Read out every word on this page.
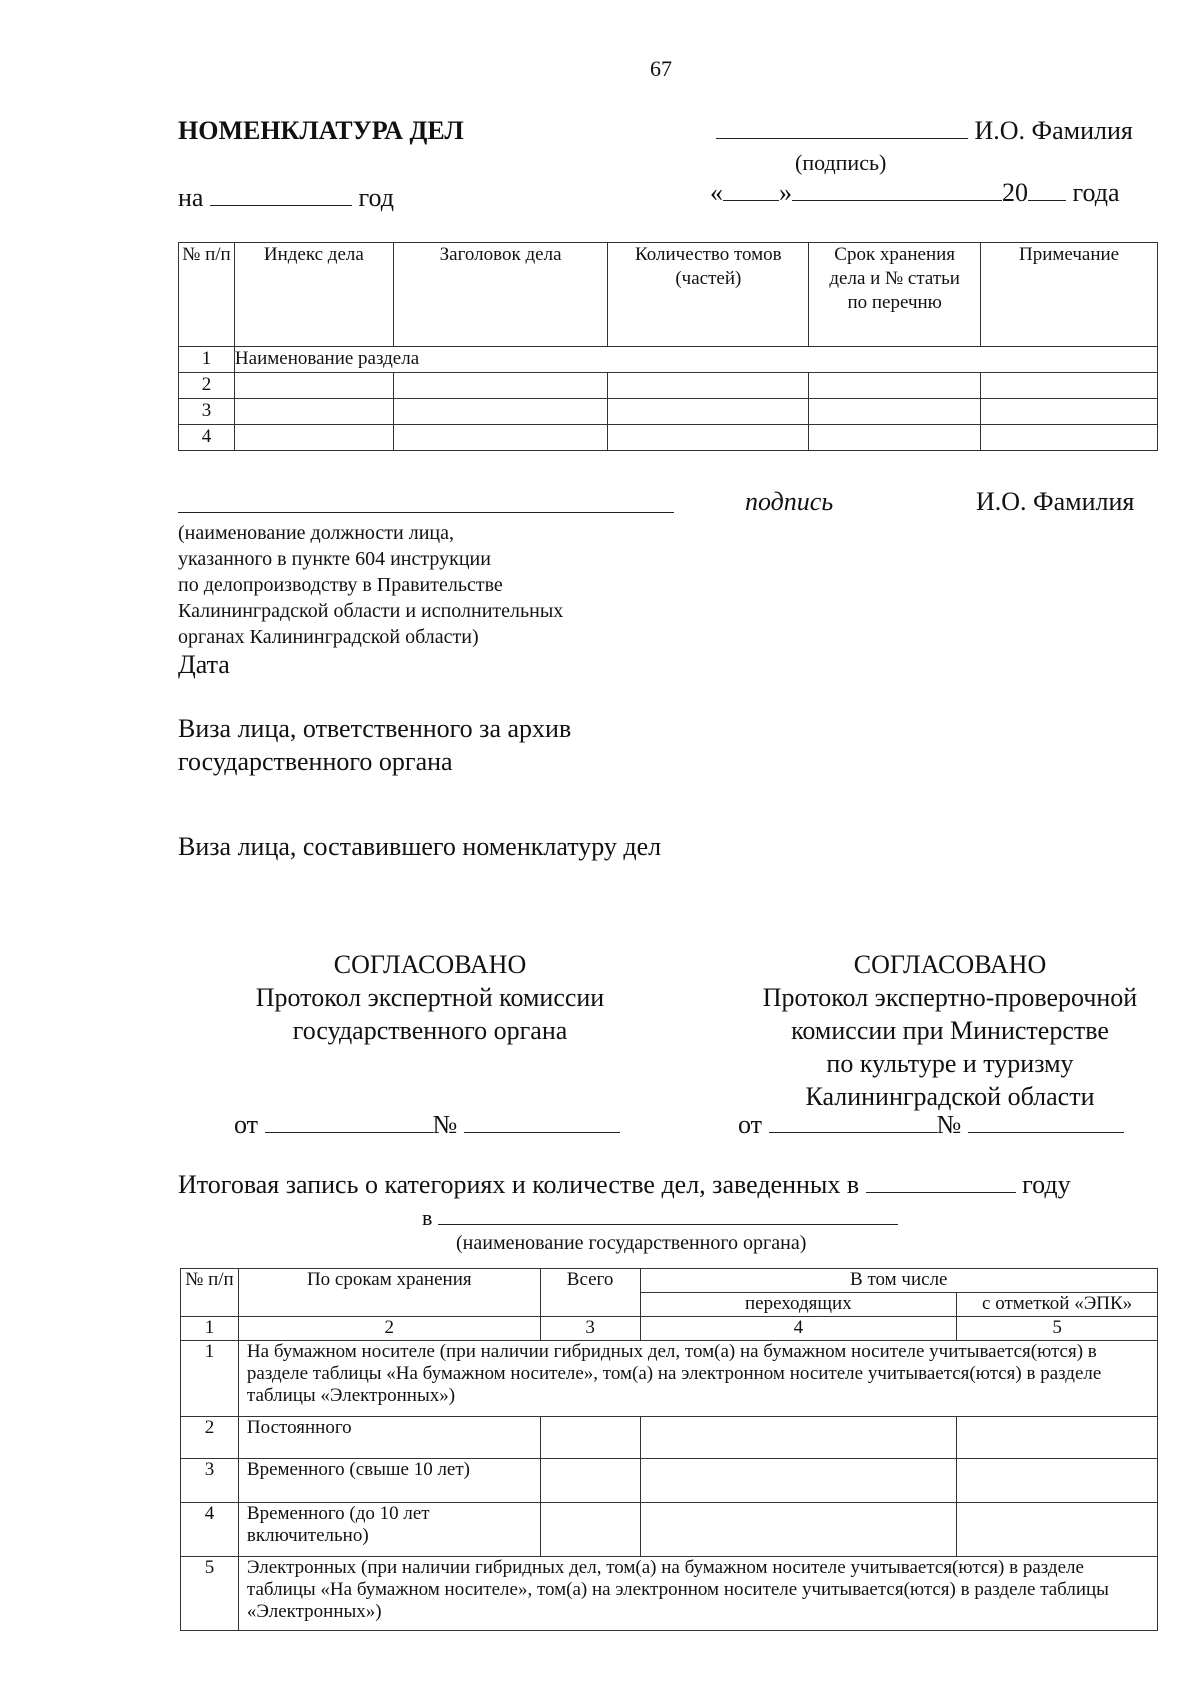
67
НОМЕНКЛАТУРА ДЕЛ
на	год
И.О. Фамилия
(подпись)
« »	20 года
№ п/п	Индекс дела	Заголовок дела	Количество томов (частей)	Срок хранения дела и № статьи по перечню	Примечание
1	Наименование раздела				
2					
3					
4					
подпись	И.О. Фамилия
(наименование должности лица,
указанного в пункте 604 инструкции
по делопроизводству в Правительстве
Калининградской области и исполнительных
органах Калининградской области)
Дата
Виза лица, ответственного за архив
государственного органа
Виза лица, составившего номенклатуру дел
СОГЛАСОВАНО
Протокол экспертной комиссии
государственного органа
от	№
СОГЛАСОВАНО
Протокол экспертно-проверочной
комиссии при Министерстве
по культуре и туризму
Калининградской области
от	№
Итоговая запись о категориях и количестве дел, заведенных в	году
в
(наименование государственного органа)
№ п/п	По срокам хранения	Всего	В том числе	
			переходящих	с отметкой «ЭПК»
1	2	3	4	5
1	На бумажном носителе (при наличии гибридных дел, том(а) на бумажном носителе учитывается(ются) в разделе таблицы «На бумажном носителе», том(а) на электронном носителе учитывается(ются) в разделе таблицы «Электронных»)			
2	Постоянного			
3	Временного (свыше 10 лет)			
4	Временного (до 10 лет включительно)			
5	Электронных (при наличии гибридных дел, том(а) на бумажном носителе учитывается(ются) в разделе таблицы «На бумажном носителе», том(а) на электронном носителе учитывается(ются) в разделе таблицы «Электронных»)			
